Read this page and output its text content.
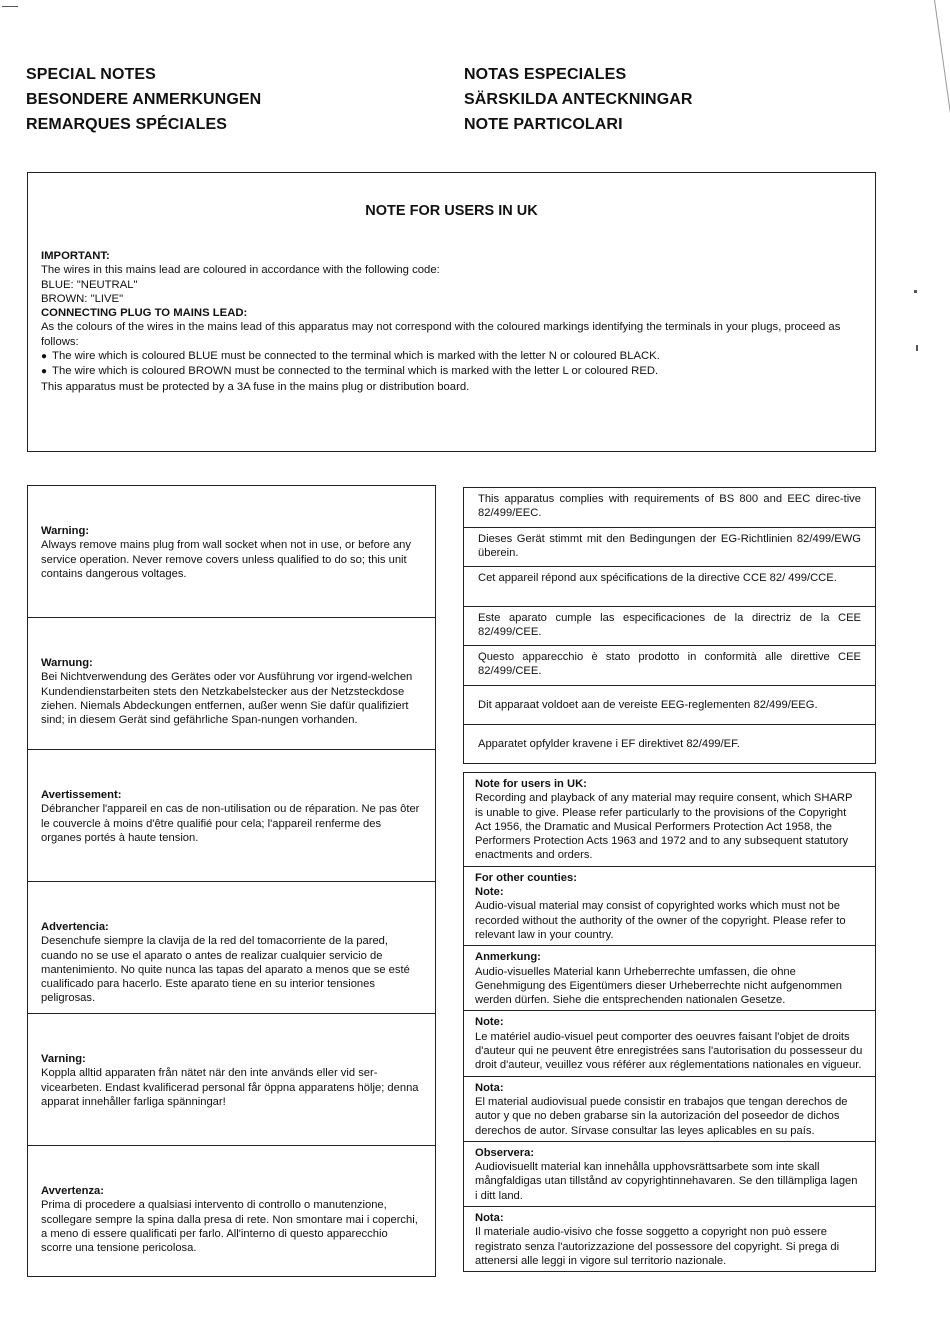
SPECIAL NOTES
BESONDERE ANMERKUNGEN
REMARQUES SPÉCIALES
NOTAS ESPECIALES
SÄRSKILDA ANTECKNINGAR
NOTE PARTICOLARI
NOTE FOR USERS IN UK
IMPORTANT:
The wires in this mains lead are coloured in accordance with the following code:
BLUE: "NEUTRAL"
BROWN: "LIVE"
CONNECTING PLUG TO MAINS LEAD:
As the colours of the wires in the mains lead of this apparatus may not correspond with the coloured markings identifying the terminals in your plugs, proceed as follows:
● The wire which is coloured BLUE must be connected to the terminal which is marked with the letter N or coloured BLACK.
● The wire which is coloured BROWN must be connected to the terminal which is marked with the letter L or coloured RED.
This apparatus must be protected by a 3A fuse in the mains plug or distribution board.
Warning:
Always remove mains plug from wall socket when not in use, or before any service operation. Never remove covers unless qualified to do so; this unit contains dangerous voltages.
Warnung:
Bei Nichtverwendung des Gerätes oder vor Ausführung vor irgend-welchen Kundendienstarbeiten stets den Netzkabelstecker aus der Netzsteckdose ziehen. Niemals Abdeckungen entfernen, außer wenn Sie dafür qualifiziert sind; in diesem Gerät sind gefährliche Span-nungen vorhanden.
Avertissement:
Débrancher l'appareil en cas de non-utilisation ou de réparation. Ne pas ôter le couvercle à moins d'être qualifié pour cela; l'appareil renferme des organes portés à haute tension.
Advertencia:
Desenchufe siempre la clavija de la red del tomacorriente de la pared, cuando no se use el aparato o antes de realizar cualquier servicio de mantenimiento. No quite nunca las tapas del aparato a menos que se esté cualificado para hacerlo. Este aparato tiene en su interior tensiones peligrosas.
Varning:
Koppla alltid apparaten från nätet när den inte används eller vid ser-vicearbeten. Endast kvalificerad personal får öppna apparatens hölje; denna apparat innehåller farliga spänningar!
Avvertenza:
Prima di procedere a qualsiasi intervento di controllo o manutenzione, scollegare sempre la spina dalla presa di rete. Non smontare mai i coperchi, a meno di essere qualificati per farlo. All'interno di questo apparecchio scorre una tensione pericolosa.
This apparatus complies with requirements of BS 800 and EEC direc-tive 82/499/EEC.
Dieses Gerät stimmt mit den Bedingungen der EG-Richtlinien 82/499/EWG überein.
Cet appareil répond aux spécifications de la directive CCE 82/ 499/CCE.
Este aparato cumple las especificaciones de la directriz de la CEE 82/499/CEE.
Questo apparecchio è stato prodotto in conformità alle direttive CEE 82/499/CEE.
Dit apparaat voldoet aan de vereiste EEG-reglementen 82/499/EEG.
Apparatet opfylder kravene i EF direktivet 82/499/EF.
Note for users in UK:
Recording and playback of any material may require consent, which SHARP is unable to give. Please refer particularly to the provisions of the Copyright Act 1956, the Dramatic and Musical Performers Protection Act 1958, the Performers Protection Acts 1963 and 1972 and to any subsequent statutory enactments and orders.
For other counties:
Note:
Audio-visual material may consist of copyrighted works which must not be recorded without the authority of the owner of the copyright. Please refer to relevant law in your country.
Anmerkung:
Audio-visuelles Material kann Urheberrechte umfassen, die ohne Genehmigung des Eigentümers dieser Urheberrechte nicht aufgenommen werden dürfen. Siehe die entsprechenden nationalen Gesetze.
Note:
Le matériel audio-visuel peut comporter des oeuvres faisant l'objet de droits d'auteur qui ne peuvent être enregistrées sans l'autorisation du possesseur du droit d'auteur, veuillez vous référer aux réglementations nationales en vigueur.
Nota:
El material audiovisual puede consistir en trabajos que tengan derechos de autor y que no deben grabarse sin la autorización del poseedor de dichos derechos de autor. Sírvase consultar las leyes aplicables en su país.
Observera:
Audiovisuellt material kan innehålla upphovsrättsarbete som inte skall mångfaldigas utan tillstånd av copyrightinnehavaren. Se den tillämpliga lagen i ditt land.
Nota:
Il materiale audio-visivo che fosse soggetto a copyright non può essere registrato senza l'autorizzazione del possessore del copyright. Si prega di attenersi alle leggi in vigore sul territorio nazionale.
